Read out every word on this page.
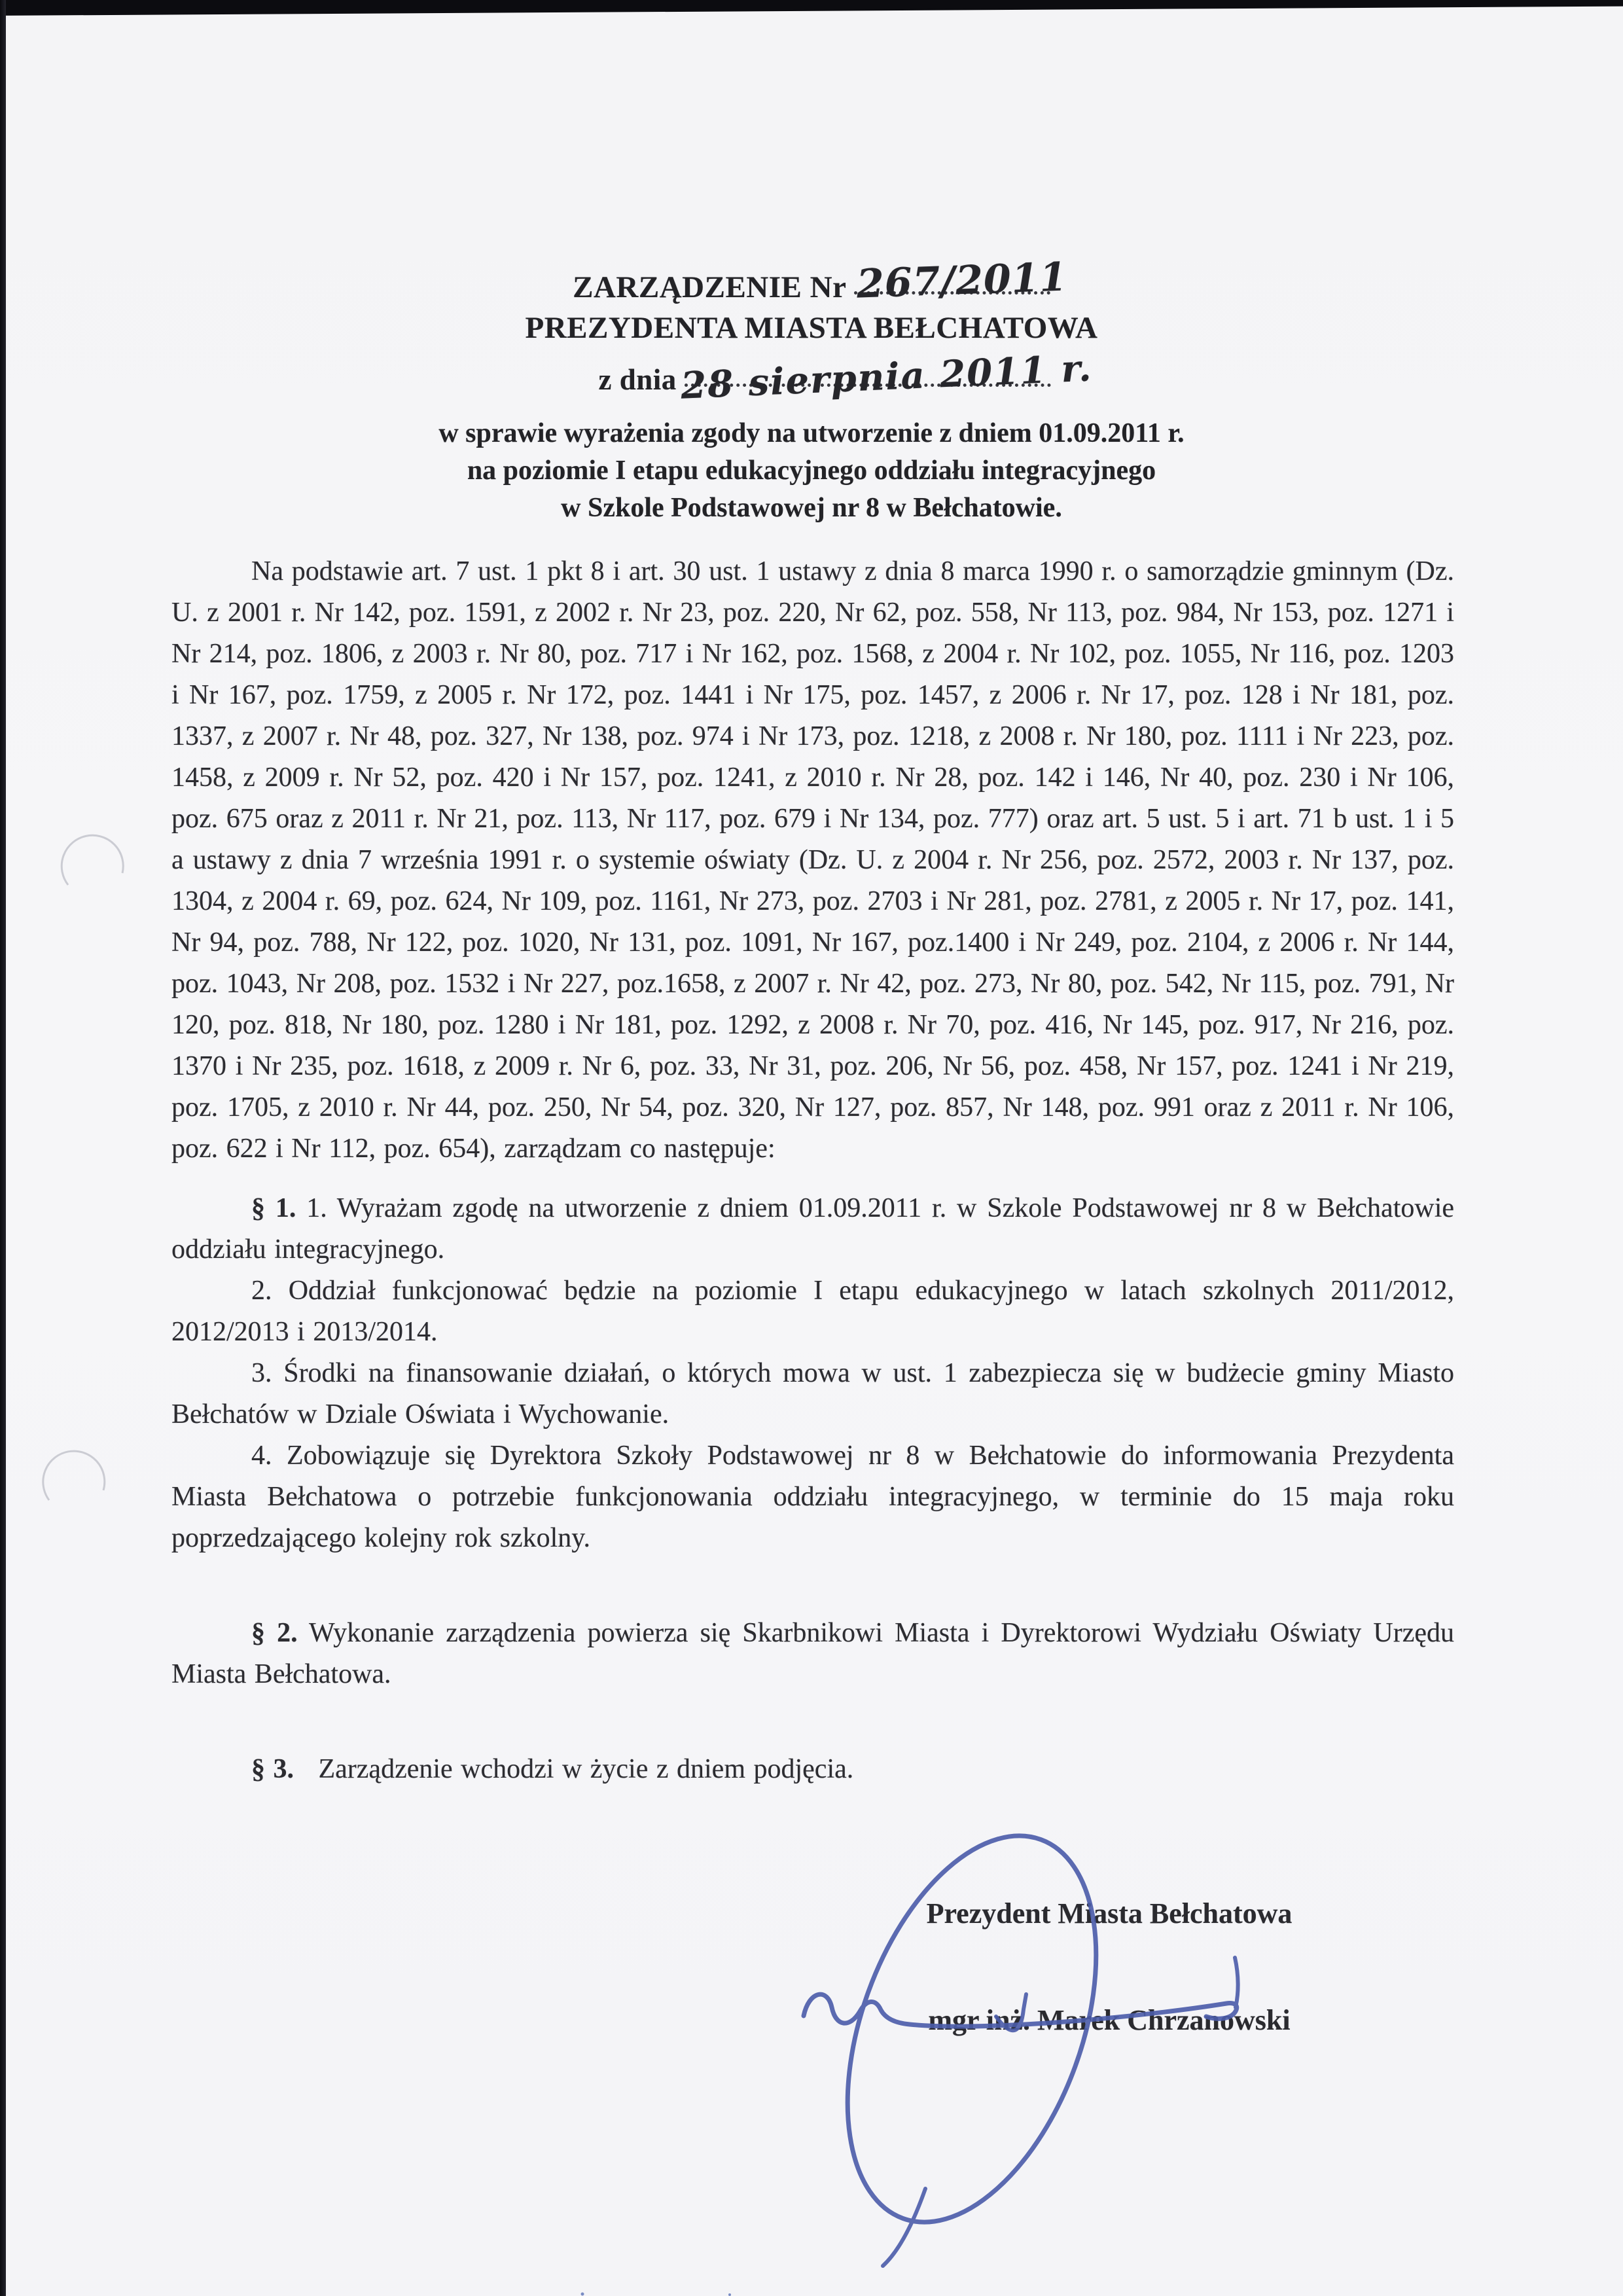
ZARZĄDZENIE Nr 267/2011
PREZYDENTA MIASTA BEŁCHATOWA
z dnia 28 sierpnia 2011 r.
w sprawie wyrażenia zgody na utworzenie z dniem 01.09.2011 r.
na poziomie I etapu edukacyjnego oddziału integracyjnego
w Szkole Podstawowej nr 8 w Bełchatowie.

Na podstawie art. 7 ust. 1 pkt 8 i art. 30 ust. 1 ustawy z dnia 8 marca 1990 r. o samorządzie gminnym (Dz. U. z 2001 r. Nr 142, poz. 1591, z 2002 r. Nr 23, poz. 220, Nr 62, poz. 558, Nr 113, poz. 984, Nr 153, poz. 1271 i Nr 214, poz. 1806, z 2003 r. Nr 80, poz. 717 i Nr 162, poz. 1568, z 2004 r. Nr 102, poz. 1055, Nr 116, poz. 1203 i Nr 167, poz. 1759, z 2005 r. Nr 172, poz. 1441 i Nr 175, poz. 1457, z 2006 r. Nr 17, poz. 128 i Nr 181, poz. 1337, z 2007 r. Nr 48, poz. 327, Nr 138, poz. 974 i Nr 173, poz. 1218, z 2008 r. Nr 180, poz. 1111 i Nr 223, poz. 1458, z 2009 r. Nr 52, poz. 420 i Nr 157, poz. 1241, z 2010 r. Nr 28, poz. 142 i 146, Nr 40, poz. 230 i Nr 106, poz. 675 oraz z 2011 r. Nr 21, poz. 113, Nr 117, poz. 679 i Nr 134, poz. 777) oraz art. 5 ust. 5 i art. 71 b ust. 1 i 5 a ustawy z dnia 7 września 1991 r. o systemie oświaty (Dz. U. z 2004 r. Nr 256, poz. 2572, 2003 r. Nr 137, poz. 1304, z 2004 r. 69, poz. 624, Nr 109, poz. 1161, Nr 273, poz. 2703 i Nr 281, poz. 2781, z 2005 r. Nr 17, poz. 141, Nr 94, poz. 788, Nr 122, poz. 1020, Nr 131, poz. 1091, Nr 167, poz.1400 i Nr 249, poz. 2104, z 2006 r. Nr 144, poz. 1043, Nr 208, poz. 1532 i Nr 227, poz.1658, z 2007 r. Nr 42, poz. 273, Nr 80, poz. 542, Nr 115, poz. 791, Nr 120, poz. 818, Nr 180, poz. 1280 i Nr 181, poz. 1292, z 2008 r. Nr 70, poz. 416, Nr 145, poz. 917, Nr 216, poz. 1370 i Nr 235, poz. 1618, z 2009 r. Nr 6, poz. 33, Nr 31, poz. 206, Nr 56, poz. 458, Nr 157, poz. 1241 i Nr 219, poz. 1705, z 2010 r. Nr 44, poz. 250, Nr 54, poz. 320, Nr 127, poz. 857, Nr 148, poz. 991 oraz z 2011 r. Nr 106, poz. 622 i Nr 112, poz. 654), zarządzam co następuje:

§ 1. 1. Wyrażam zgodę na utworzenie z dniem 01.09.2011 r. w Szkole Podstawowej nr 8 w Bełchatowie oddziału integracyjnego.

2. Oddział funkcjonować będzie na poziomie I etapu edukacyjnego w latach szkolnych 2011/2012, 2012/2013 i 2013/2014.

3. Środki na finansowanie działań, o których mowa w ust. 1 zabezpiecza się w budżecie gminy Miasto Bełchatów w Dziale Oświata i Wychowanie.

4. Zobowiązuje się Dyrektora Szkoły Podstawowej nr 8 w Bełchatowie do informowania Prezydenta Miasta Bełchatowa o potrzebie funkcjonowania oddziału integracyjnego, w terminie do 15 maja roku poprzedzającego kolejny rok szkolny.

§ 2. Wykonanie zarządzenia powierza się Skarbnikowi Miasta i Dyrektorowi Wydziału Oświaty Urzędu Miasta Bełchatowa.

§ 3. Zarządzenie wchodzi w życie z dniem podjęcia.

Prezydent Miasta Bełchatowa
mgr inż. Marek Chrzanowski
